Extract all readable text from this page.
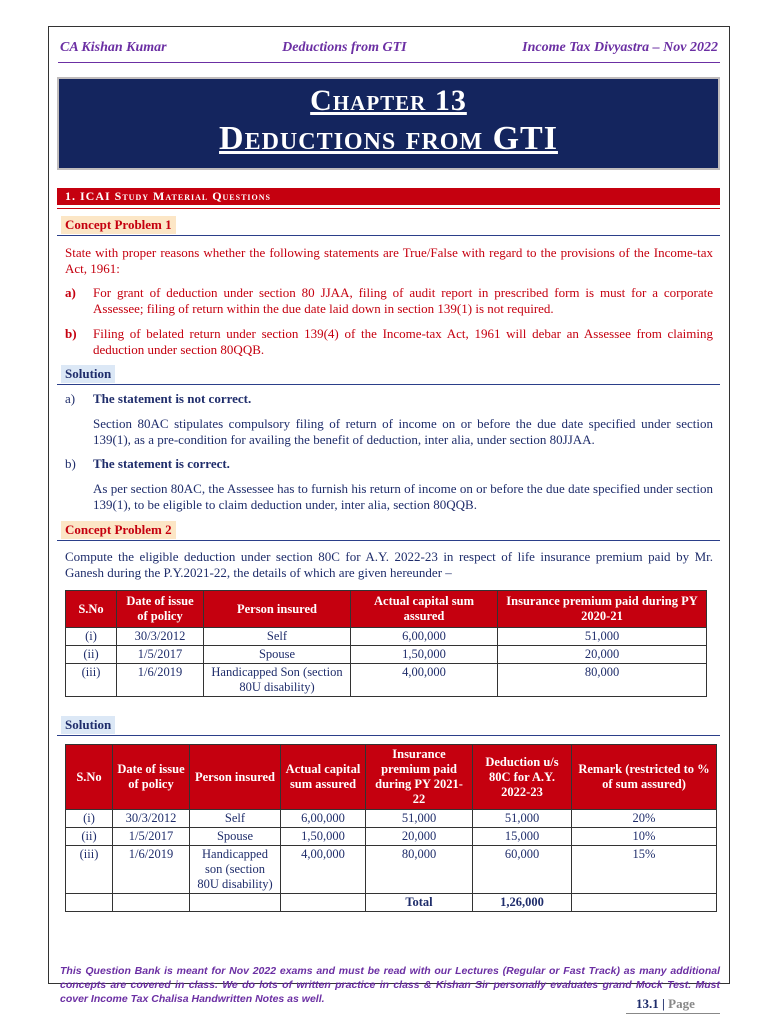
CA Kishan Kumar	Deductions from GTI	Income Tax Divyastra – Nov 2022
Chapter 13
Deductions from GTI
1. ICAI Study Material Questions
Concept Problem 1
State with proper reasons whether the following statements are True/False with regard to the provisions of the Income-tax Act, 1961:
a) For grant of deduction under section 80 JJAA, filing of audit report in prescribed form is must for a corporate Assessee; filing of return within the due date laid down in section 139(1) is not required.
b) Filing of belated return under section 139(4) of the Income-tax Act, 1961 will debar an Assessee from claiming deduction under section 80QQB.
Solution
a) The statement is not correct.
Section 80AC stipulates compulsory filing of return of income on or before the due date specified under section 139(1), as a pre-condition for availing the benefit of deduction, inter alia, under section 80JJAA.
b) The statement is correct.
As per section 80AC, the Assessee has to furnish his return of income on or before the due date specified under section 139(1), to be eligible to claim deduction under, inter alia, section 80QQB.
Concept Problem 2
Compute the eligible deduction under section 80C for A.Y. 2022-23 in respect of life insurance premium paid by Mr. Ganesh during the P.Y.2021-22, the details of which are given hereunder –
S.No	Date of issue of policy	Person insured	Actual capital sum assured	Insurance premium paid during PY 2020-21
(i)	30/3/2012	Self	6,00,000	51,000
(ii)	1/5/2017	Spouse	1,50,000	20,000
(iii)	1/6/2019	Handicapped Son (section 80U disability)	4,00,000	80,000
Solution
S.No	Date of issue of policy	Person insured	Actual capital sum assured	Insurance premium paid during PY 2021-22	Deduction u/s 80C for A.Y. 2022-23	Remark (restricted to % of sum assured)
(i)	30/3/2012	Self	6,00,000	51,000	51,000	20%
(ii)	1/5/2017	Spouse	1,50,000	20,000	15,000	10%
(iii)	1/6/2019	Handicapped son (section 80U disability)	4,00,000	80,000	60,000	15%
				Total	1,26,000	
This Question Bank is meant for Nov 2022 exams and must be read with our Lectures (Regular or Fast Track) as many additional concepts are covered in class. We do lots of written practice in class & Kishan Sir personally evaluates grand Mock Test. Must cover Income Tax Chalisa Handwritten Notes as well.	13.1 | Page
